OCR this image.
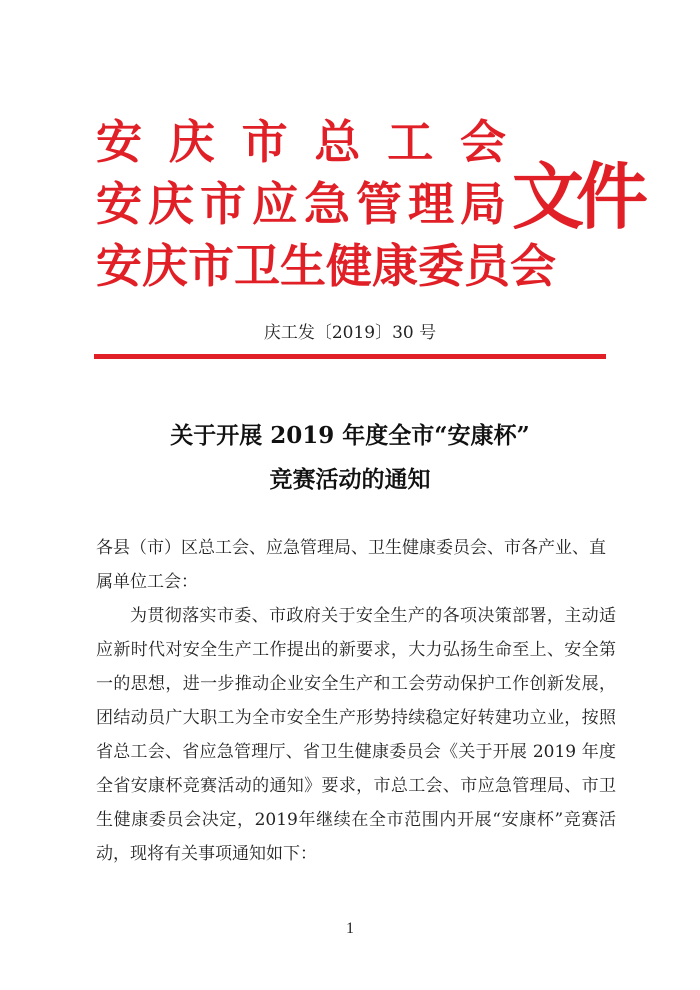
安 庆 市 总 工 会
安 庆 市 应 急 管 理 局
安 庆 市 卫 生 健 康 委 员 会
文件
庆工发〔2019〕30 号
关于开展 2019 年度全市“安康杯”
竞赛活动的通知
各县（市）区总工会、应急管理局、卫生健康委员会、市各产业、直属单位工会：
为贯彻落实市委、市政府关于安全生产的各项决策部署，主动适应新时代对安全生产工作提出的新要求，大力弘扬生命至上、安全第一的思想，进一步推动企业安全生产和工会劳动保护工作创新发展，团结动员广大职工为全市安全生产形势持续稳定好转建功立业，按照省总工会、省应急管理厅、省卫生健康委员会《关于开展 2019 年度全省安康杯竞赛活动的通知》要求，市总工会、市应急管理局、市卫生健康委员会决定，2019年继续在全市范围内开展“安康杯”竞赛活动，现将有关事项通知如下：
1
